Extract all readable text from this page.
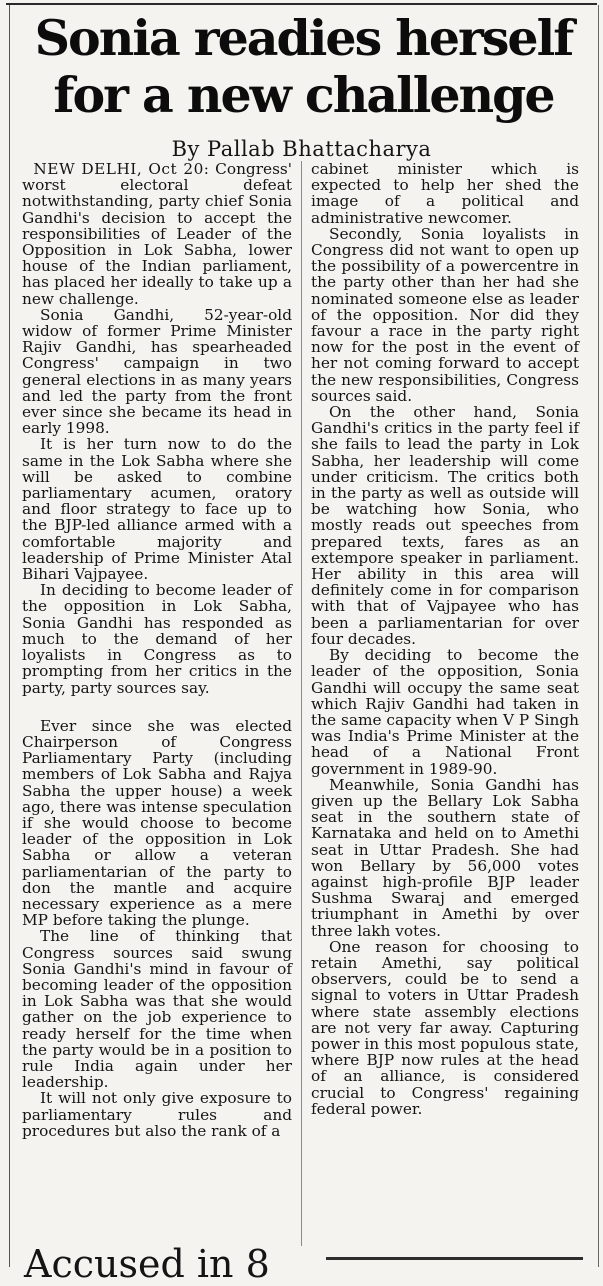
Sonia readies herself
for a new challenge
By Pallab Bhattacharya

NEW DELHI, Oct 20: Congress' worst electoral defeat notwithstanding, party chief Sonia Gandhi's decision to accept the responsibilities of Leader of the Opposition in Lok Sabha, lower house of the Indian parliament, has placed her ideally to take up a new challenge.

Sonia Gandhi, 52-year-old widow of former Prime Minister Rajiv Gandhi, has spearheaded Congress' campaign in two general elections in as many years and led the party from the front ever since she became its head in early 1998.

It is her turn now to do the same in the Lok Sabha where she will be asked to combine parliamentary acumen, oratory and floor strategy to face up to the BJP-led alliance armed with a comfortable majority and leadership of Prime Minister Atal Bihari Vajpayee.

In deciding to become leader of the opposition in Lok Sabha, Sonia Gandhi has responded as much to the demand of her loyalists in Congress as to prompting from her critics in the party, party sources say.

Ever since she was elected Chairperson of Congress Parliamentary Party (including members of Lok Sabha and Rajya Sabha the upper house) a week ago, there was intense speculation if she would choose to become leader of the opposition in Lok Sabha or allow a veteran parliamentarian of the party to don the mantle and acquire necessary experience as a mere MP before taking the plunge.

The line of thinking that Congress sources said swung Sonia Gandhi's mind in favour of becoming leader of the opposition in Lok Sabha was that she would gather on the job experience to ready herself for the time when the party would be in a position to rule India again under her leadership.

It will not only give exposure to parliamentary rules and procedures but also the rank of a

cabinet minister which is expected to help her shed the image of a political and administrative newcomer.

Secondly, Sonia loyalists in Congress did not want to open up the possibility of a powercentre in the party other than her had she nominated someone else as leader of the opposition. Nor did they favour a race in the party right now for the post in the event of her not coming forward to accept the new responsibilities, Congress sources said.

On the other hand, Sonia Gandhi's critics in the party feel if she fails to lead the party in Lok Sabha, her leadership will come under criticism. The critics both in the party as well as outside will be watching how Sonia, who mostly reads out speeches from prepared texts, fares as an extempore speaker in parliament. Her ability in this area will definitely come in for comparison with that of Vajpayee who has been a parliamentarian for over four decades.

By deciding to become the leader of the opposition, Sonia Gandhi will occupy the same seat which Rajiv Gandhi had taken in the same capacity when V P Singh was India's Prime Minister at the head of a National Front government in 1989-90.

Meanwhile, Sonia Gandhi has given up the Bellary Lok Sabha seat in the southern state of Karnataka and held on to Amethi seat in Uttar Pradesh. She had won Bellary by 56,000 votes against high-profile BJP leader Sushma Swaraj and emerged triumphant in Amethi by over three lakh votes.

One reason for choosing to retain Amethi, say political observers, could be to send a signal to voters in Uttar Pradesh where state assembly elections are not very far away. Capturing power in this most populous state, where BJP now rules at the head of an alliance, is considered crucial to Congress' regaining federal power.

Accused in 8
